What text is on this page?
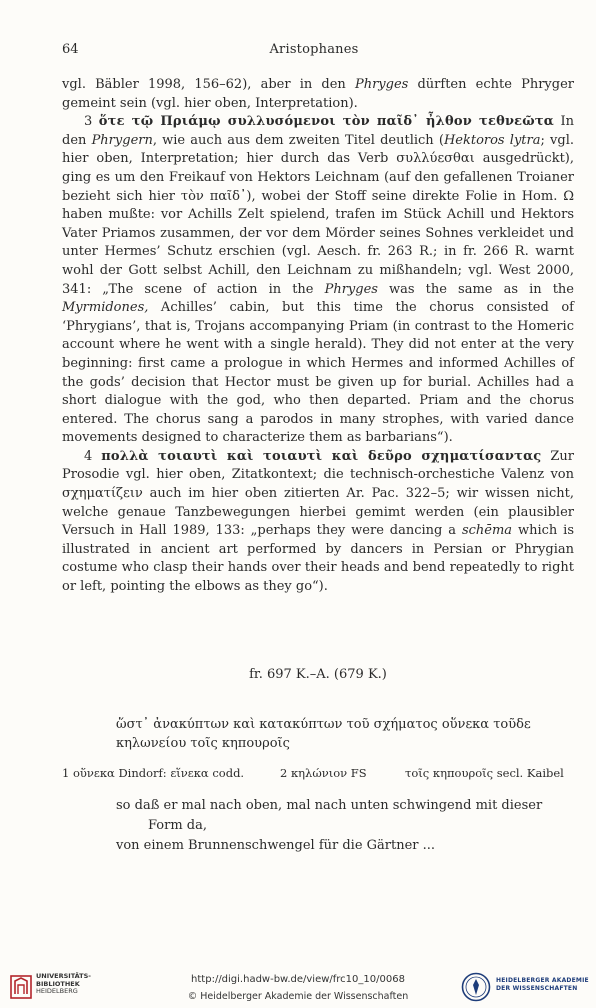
64	Aristophanes

vgl. Bäbler 1998, 156–62), aber in den Phryges dürften echte Phryger gemeint sein (vgl. hier oben, Interpretation).

3 ὅτε τῷ Πριάμῳ συλλυσόμενοι τὸν παῖδ᾽ ἦλθον τεθνεῶτα In den Phrygern, wie auch aus dem zweiten Titel deutlich (Hektoros lytra; vgl. hier oben, Interpretation; hier durch das Verb συλλύεσθαι ausgedrückt), ging es um den Freikauf von Hektors Leichnam (auf den gefallenen Troianer bezieht sich hier τὸν παῖδ᾽), wobei der Stoff seine direkte Folie in Hom. Ω haben mußte: vor Achills Zelt spielend, trafen im Stück Achill und Hektors Vater Priamos zusammen, der vor dem Mörder seines Sohnes verkleidet und unter Hermes’ Schutz erschien (vgl. Aesch. fr. 263 R.; in fr. 266 R. warnt wohl der Gott selbst Achill, den Leichnam zu mißhandeln; vgl. West 2000, 341: „The scene of action in the Phryges was the same as in the Myrmidones, Achilles’ cabin, but this time the chorus consisted of ‘Phrygians’, that is, Trojans accompanying Priam (in contrast to the Homeric account where he went with a single herald). They did not enter at the very beginning: first came a prologue in which Hermes and informed Achilles of the gods’ decision that Hector must be given up for burial. Achilles had a short dialogue with the god, who then departed. Priam and the chorus entered. The chorus sang a parodos in many strophes, with varied dance movements designed to characterize them as barbarians“).

4 πολλὰ τοιαυτὶ καὶ τοιαυτὶ καὶ δεῦρο σχηματίσαντας Zur Prosodie vgl. hier oben, Zitatkontext; die technisch-orchestiche Valenz von σχηματίζειν auch im hier oben zitierten Ar. Pac. 322–5; wir wissen nicht, welche genaue Tanzbewegungen hierbei gemimt werden (ein plausibler Versuch in Hall 1989, 133: „perhaps they were dancing a schēma which is illustrated in ancient art performed by dancers in Persian or Phrygian costume who clasp their hands over their heads and bend repeatedly to right or left, pointing the elbows as they go“).

fr. 697 K.–A. (679 K.)
ὥστ᾽ ἀνακύπτων καὶ κατακύπτων τοῦ σχήματος οὕνεκα τοῦδε
κηλωνείου τοῖς κηπουροῖς
1 οὕνεκα Dindorf: εἵνεκα codd.	2 κηλώνιον FS	τοῖς κηπουροῖς secl. Kaibel
so daß er mal nach oben, mal nach unten schwingend mit dieser
Form da,
von einem Brunnenschwengel für die Gärtner ...
UNIVERSITÄTS-
BIBLIOTHEK
HEIDELBERG
http://digi.hadw-bw.de/view/frc10_10/0068
© Heidelberger Akademie der Wissenschaften
HEIDELBERGER AKADEMIE
DER WISSENSCHAFTEN
